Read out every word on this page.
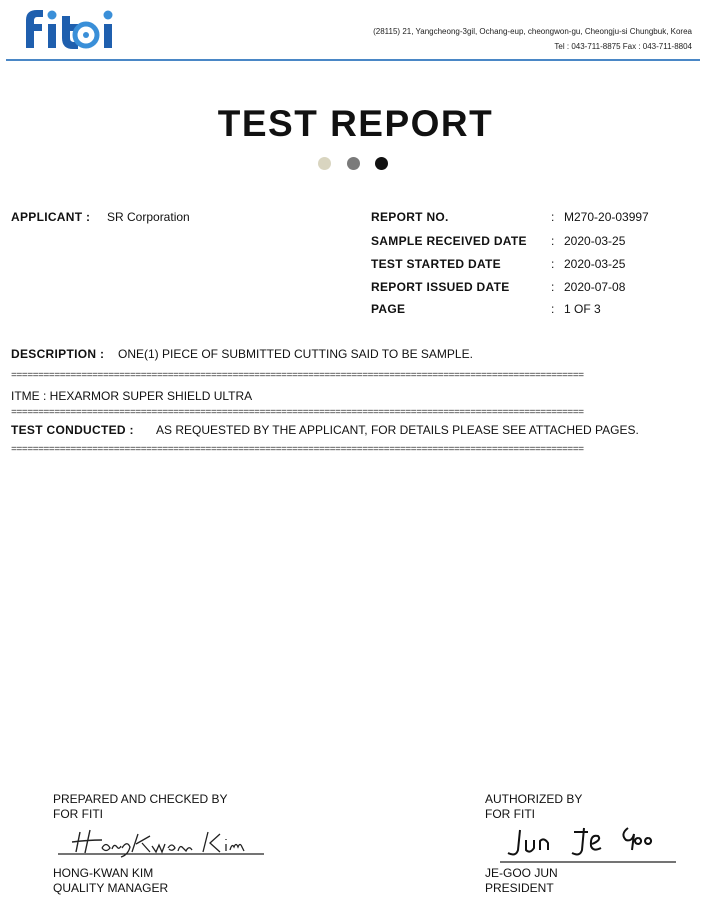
(28115) 21, Yangcheong-3gil, Ochang-eup, cheongwon-gu, Cheongju-si Chungbuk, Korea
Tel : 043-711-8875 Fax : 043-711-8804
TEST REPORT
APPLICANT : SR Corporation	REPORT NO.	: M270-20-03997
SAMPLE RECEIVED DATE : 2020-03-25
TEST STARTED DATE	: 2020-03-25
REPORT ISSUED DATE	: 2020-07-08
PAGE	: 1 OF 3
DESCRIPTION : ONE(1) PIECE OF SUBMITTED CUTTING SAID TO BE SAMPLE.
==========================================================================================================
ITME : HEXARMOR SUPER SHIELD ULTRA
==========================================================================================================
TEST CONDUCTED : AS REQUESTED BY THE APPLICANT, FOR DETAILS PLEASE SEE ATTACHED PAGES.
==========================================================================================================
PREPARED AND CHECKED BY
FOR FITI
HONG-KWAN KIM
QUALITY MANAGER
AUTHORIZED BY
FOR FITI
JE-GOO JUN
PRESIDENT
